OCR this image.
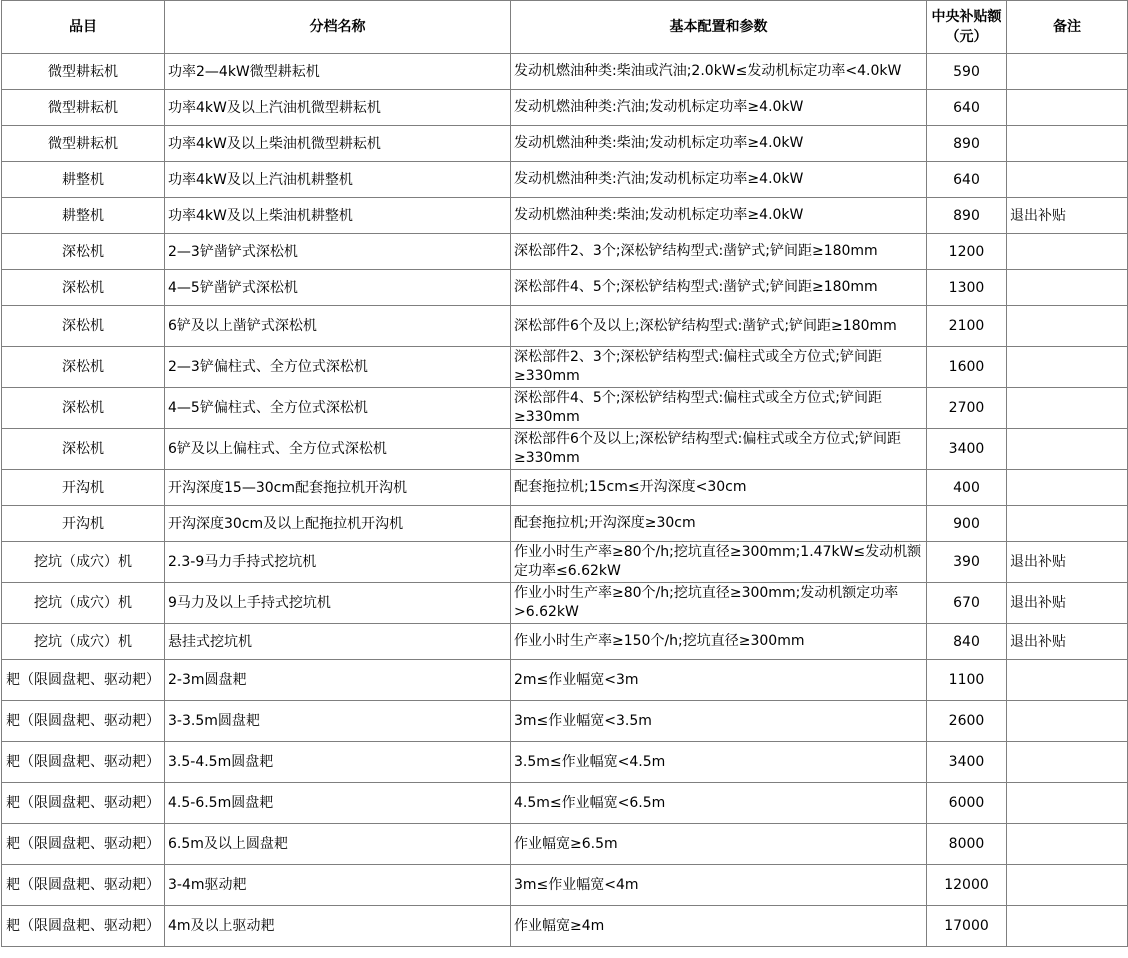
品目	分档名称	基本配置和参数	中央补贴额（元）	备注
微型耕耘机	功率2—4kW微型耕耘机	发动机燃油种类:柴油或汽油;2.0kW≤发动机标定功率<4.0kW	590	
微型耕耘机	功率4kW及以上汽油机微型耕耘机	发动机燃油种类:汽油;发动机标定功率≥4.0kW	640	
微型耕耘机	功率4kW及以上柴油机微型耕耘机	发动机燃油种类:柴油;发动机标定功率≥4.0kW	890	
耕整机	功率4kW及以上汽油机耕整机	发动机燃油种类:汽油;发动机标定功率≥4.0kW	640	
耕整机	功率4kW及以上柴油机耕整机	发动机燃油种类:柴油;发动机标定功率≥4.0kW	890	退出补贴
深松机	2—3铲凿铲式深松机	深松部件2、3个;深松铲结构型式:凿铲式;铲间距≥180mm	1200	
深松机	4—5铲凿铲式深松机	深松部件4、5个;深松铲结构型式:凿铲式;铲间距≥180mm	1300	
深松机	6铲及以上凿铲式深松机	深松部件6个及以上;深松铲结构型式:凿铲式;铲间距≥180mm	2100	
深松机	2—3铲偏柱式、全方位式深松机	深松部件2、3个;深松铲结构型式:偏柱式或全方位式;铲间距≥330mm	1600	
深松机	4—5铲偏柱式、全方位式深松机	深松部件4、5个;深松铲结构型式:偏柱式或全方位式;铲间距≥330mm	2700	
深松机	6铲及以上偏柱式、全方位式深松机	深松部件6个及以上;深松铲结构型式:偏柱式或全方位式;铲间距≥330mm	3400	
开沟机	开沟深度15—30cm配套拖拉机开沟机	配套拖拉机;15cm≤开沟深度<30cm	400	
开沟机	开沟深度30cm及以上配拖拉机开沟机	配套拖拉机;开沟深度≥30cm	900	
挖坑（成穴）机	2.3-9马力手持式挖坑机	作业小时生产率≥80个/h;挖坑直径≥300mm;1.47kW≤发动机额定功率≤6.62kW	390	退出补贴
挖坑（成穴）机	9马力及以上手持式挖坑机	作业小时生产率≥80个/h;挖坑直径≥300mm;发动机额定功率>6.62kW	670	退出补贴
挖坑（成穴）机	悬挂式挖坑机	作业小时生产率≥150个/h;挖坑直径≥300mm	840	退出补贴
耙（限圆盘耙、驱动耙）	2-3m圆盘耙	2m≤作业幅宽<3m	1100	
耙（限圆盘耙、驱动耙）	3-3.5m圆盘耙	3m≤作业幅宽<3.5m	2600	
耙（限圆盘耙、驱动耙）	3.5-4.5m圆盘耙	3.5m≤作业幅宽<4.5m	3400	
耙（限圆盘耙、驱动耙）	4.5-6.5m圆盘耙	4.5m≤作业幅宽<6.5m	6000	
耙（限圆盘耙、驱动耙）	6.5m及以上圆盘耙	作业幅宽≥6.5m	8000	
耙（限圆盘耙、驱动耙）	3-4m驱动耙	3m≤作业幅宽<4m	12000	
耙（限圆盘耙、驱动耙）	4m及以上驱动耙	作业幅宽≥4m	17000	
